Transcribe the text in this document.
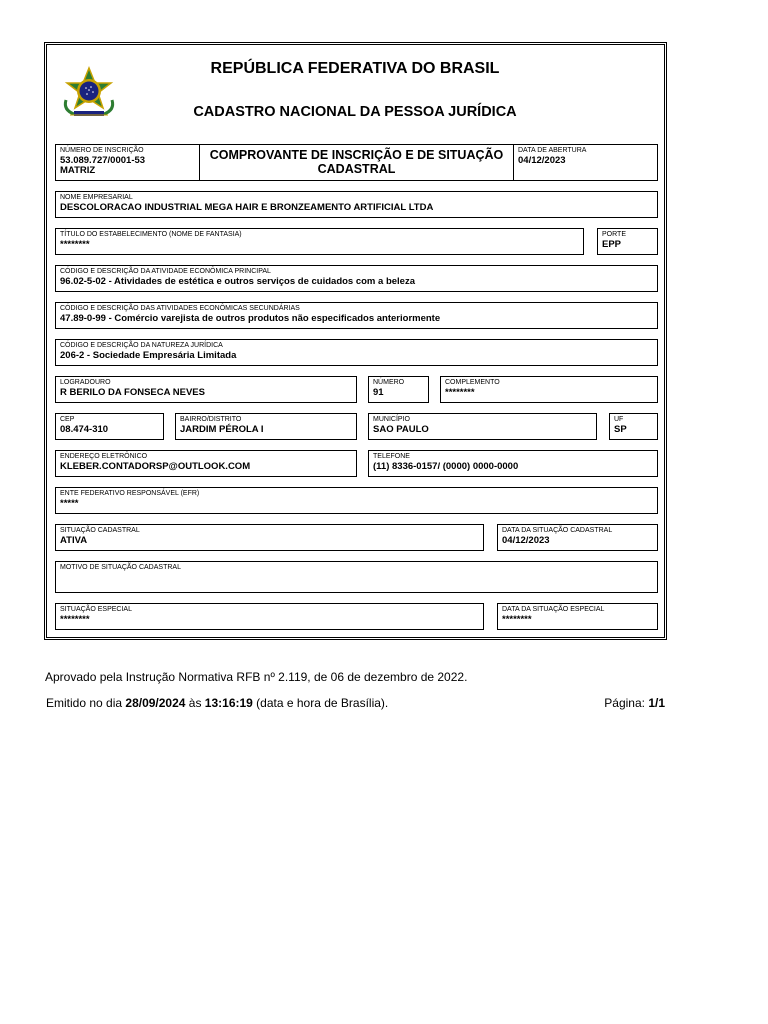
REPÚBLICA FEDERATIVA DO BRASIL
CADASTRO NACIONAL DA PESSOA JURÍDICA
NÚMERO DE INSCRIÇÃO
53.089.727/0001-53
MATRIZ
COMPROVANTE DE INSCRIÇÃO E DE SITUAÇÃO
CADASTRAL
DATA DE ABERTURA
04/12/2023
NOME EMPRESARIAL
DESCOLORACAO INDUSTRIAL MEGA HAIR E BRONZEAMENTO ARTIFICIAL LTDA
TÍTULO DO ESTABELECIMENTO (NOME DE FANTASIA)
********
PORTE
EPP
CÓDIGO E DESCRIÇÃO DA ATIVIDADE ECONÔMICA PRINCIPAL
96.02-5-02 - Atividades de estética e outros serviços de cuidados com a beleza
CÓDIGO E DESCRIÇÃO DAS ATIVIDADES ECONÔMICAS SECUNDÁRIAS
47.89-0-99 - Comércio varejista de outros produtos não especificados anteriormente
CÓDIGO E DESCRIÇÃO DA NATUREZA JURÍDICA
206-2 - Sociedade Empresária Limitada
LOGRADOURO
R BERILO DA FONSECA NEVES
NÚMERO
91
COMPLEMENTO
********
CEP
08.474-310
BAIRRO/DISTRITO
JARDIM PÉROLA I
MUNICÍPIO
SAO PAULO
UF
SP
ENDEREÇO ELETRÔNICO
KLEBER.CONTADORSP@OUTLOOK.COM
TELEFONE
(11) 8336-0157/ (0000) 0000-0000
ENTE FEDERATIVO RESPONSÁVEL (EFR)
*****
SITUAÇÃO CADASTRAL
ATIVA
DATA DA SITUAÇÃO CADASTRAL
04/12/2023
MOTIVO DE SITUAÇÃO CADASTRAL
SITUAÇÃO ESPECIAL
********
DATA DA SITUAÇÃO ESPECIAL
********
Aprovado pela Instrução Normativa RFB nº 2.119, de 06 de dezembro de 2022.
Emitido no dia 28/09/2024 às 13:16:19 (data e hora de Brasília).	Página: 1/1
